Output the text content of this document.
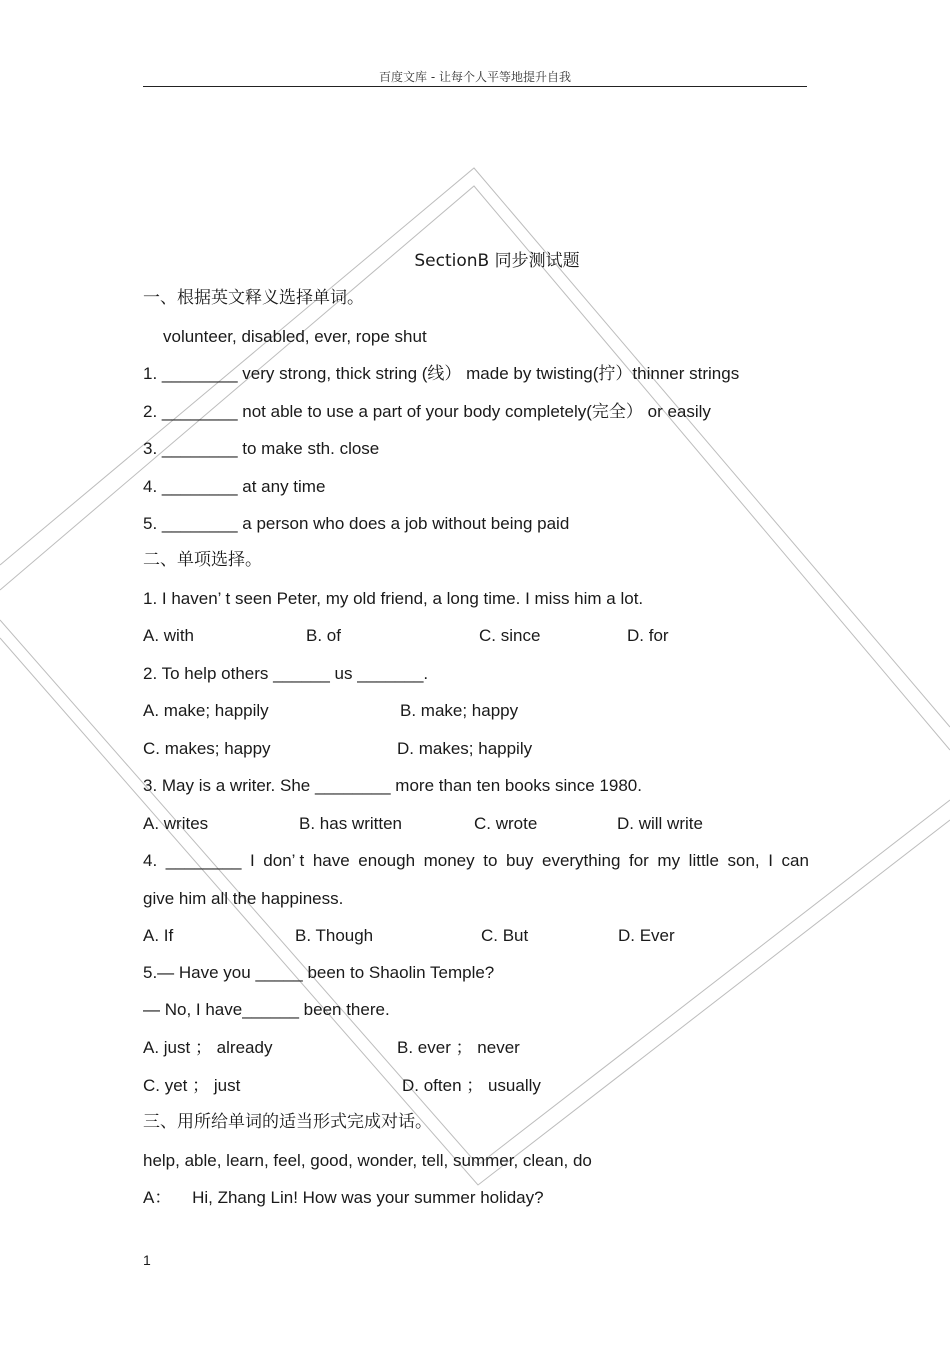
百度文库 - 让每个人平等地提升自我
SectionB 同步测试题
一、根据英文释义选择单词。
volunteer, disabled, ever, rope shut
1. ________ very strong, thick string (线） made by twisting(拧）thinner strings
2. ________ not able to use a part of your body completely(完全） or easily
3. ________ to make sth. close
4. ________ at any time
5. ________ a person who does a job without being paid
二、单项选择。
1. I haven’ t seen Peter, my old friend, a long time. I miss him a lot.
A. with	B. of	C. since	D. for
2. To help others ______ us _______.
A. make; happily	B. make; happy
C. makes; happy	D. makes; happily
3. May is a writer. She ________ more than ten books since 1980.
A. writes	B. has written	C. wrote	D. will write
4. ________ I don’ t have enough money to buy everything for my little son, I can
give him all the happiness.
A. If	B. Though	C. But	D. Ever
5.— Have you _____ been to Shaolin Temple?
— No, I have______ been there.
A. just ； already	B. ever ； never
C. yet ； just	D. often ； usually
三、用所给单词的适当形式完成对话。
help, able, learn, feel, good, wonder, tell, summer, clean, do
A： Hi, Zhang Lin! How was your summer holiday?
1
